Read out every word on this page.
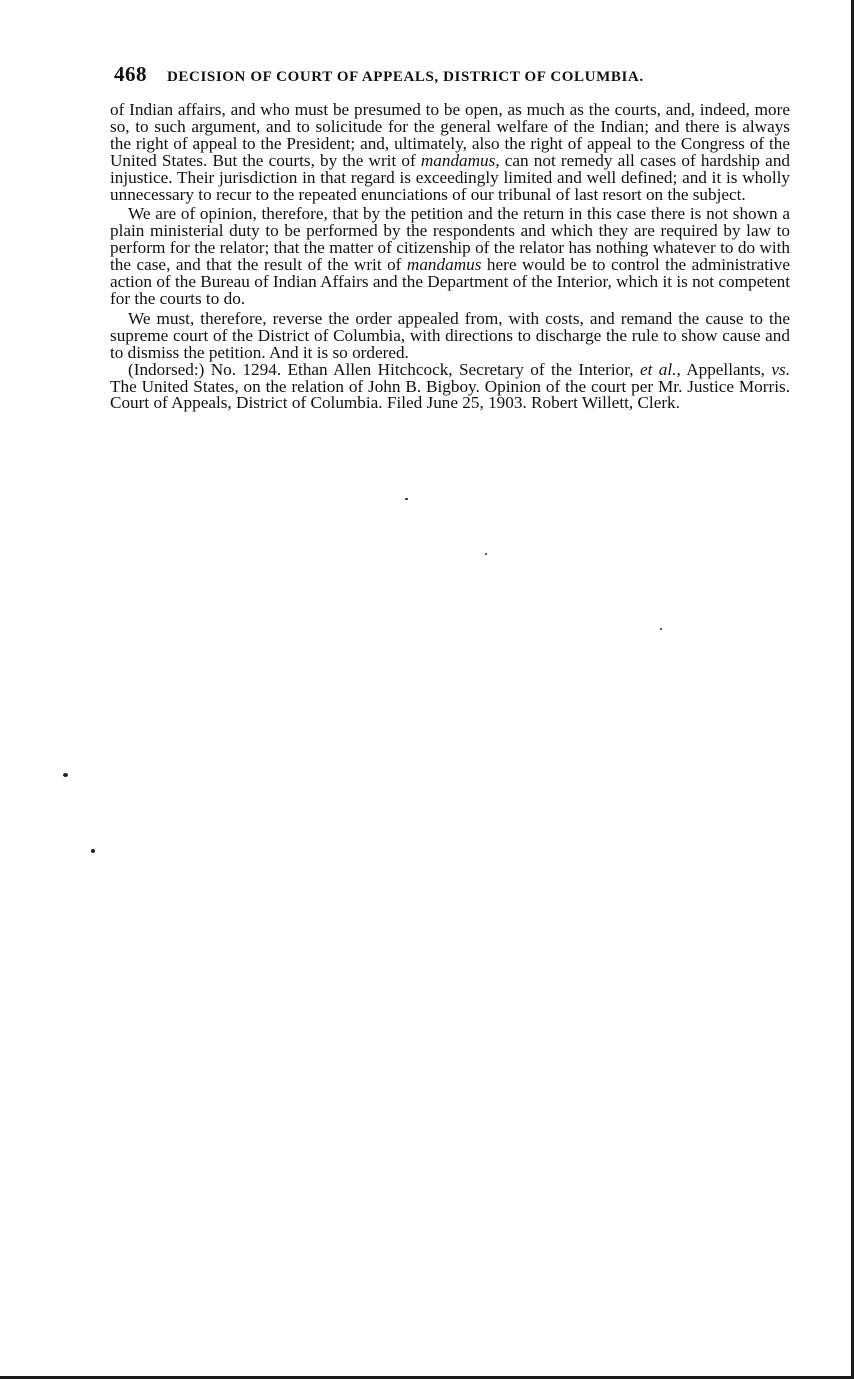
468 DECISION OF COURT OF APPEALS, DISTRICT OF COLUMBIA.

of Indian affairs, and who must be presumed to be open, as much as the courts, and, indeed, more so, to such argument, and to solicitude for the general welfare of the Indian; and there is always the right of appeal to the President; and, ultimately, also the right of appeal to the Congress of the United States. But the courts, by the writ of mandamus, can not remedy all cases of hardship and injustice. Their jurisdiction in that regard is exceedingly limited and well defined; and it is wholly unnecessary to recur to the repeated enunciations of our tribunal of last resort on the subject.

We are of opinion, therefore, that by the petition and the return in this case there is not shown a plain ministerial duty to be performed by the respondents and which they are required by law to perform for the relator; that the matter of citizenship of the relator has nothing whatever to do with the case, and that the result of the writ of mandamus here would be to control the administrative action of the Bureau of Indian Affairs and the Department of the Interior, which it is not competent for the courts to do.

We must, therefore, reverse the order appealed from, with costs, and remand the cause to the supreme court of the District of Columbia, with directions to discharge the rule to show cause and to dismiss the petition. And it is so ordered.

(Indorsed:) No. 1294. Ethan Allen Hitchcock, Secretary of the Interior, et al., Appellants, vs. The United States, on the relation of John B. Bigboy. Opinion of the court per Mr. Justice Morris. Court of Appeals, District of Columbia. Filed June 25, 1903. Robert Willett, Clerk.
